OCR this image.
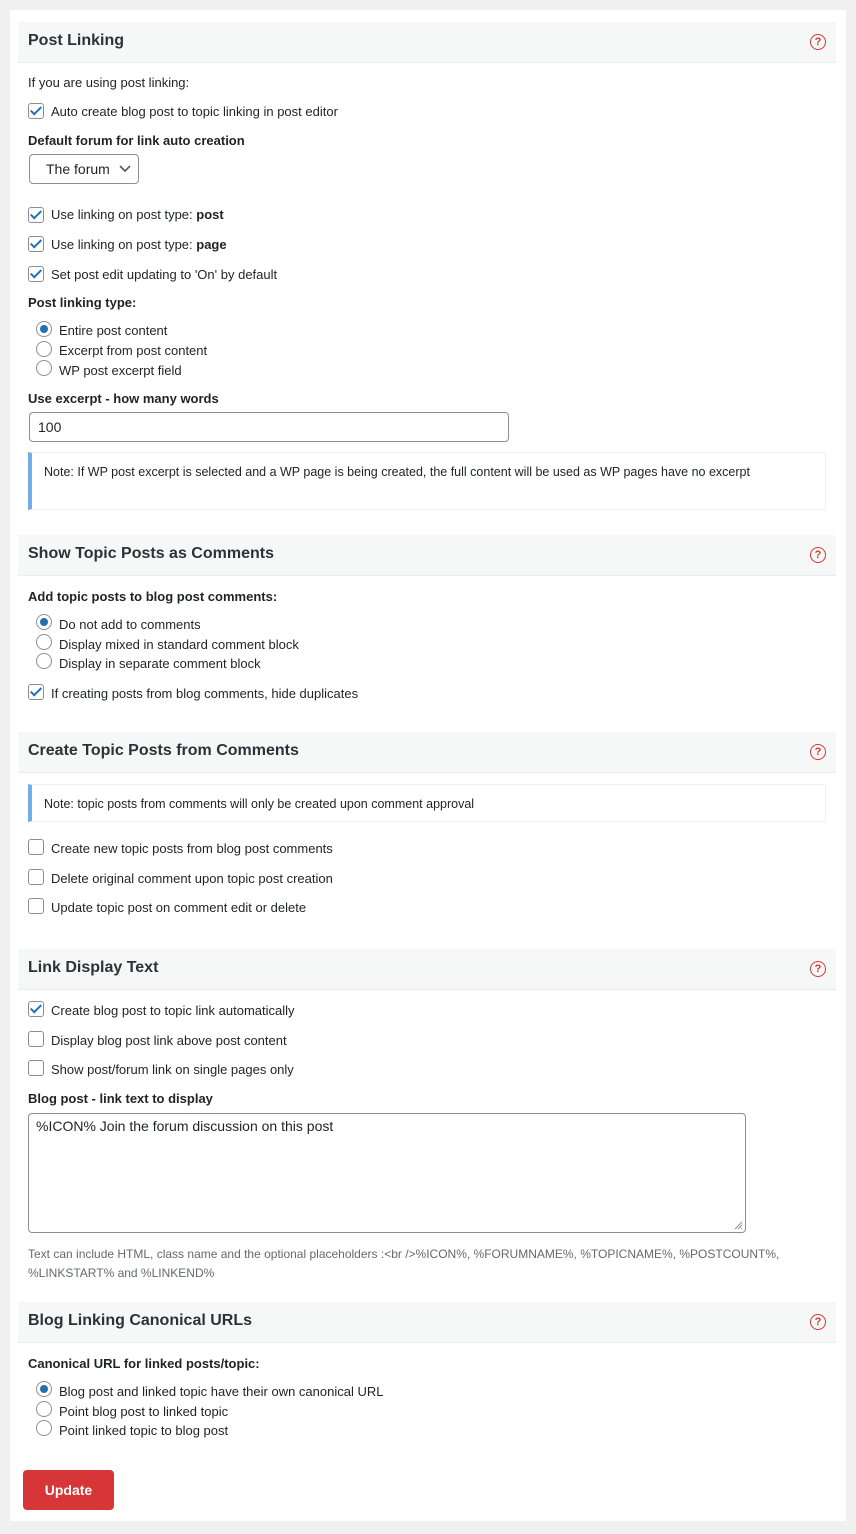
Post Linking	?
If you are using post linking:
Auto create blog post to topic linking in post editor
Default forum for link auto creation
The forum
Use linking on post type: post
Use linking on post type: page
Set post edit updating to 'On' by default
Post linking type:
Entire post content
Excerpt from post content
WP post excerpt field
Use excerpt - how many words
100
Note: If WP post excerpt is selected and a WP page is being created, the full content will be used as WP pages have no excerpt
Show Topic Posts as Comments	?
Add topic posts to blog post comments:
Do not add to comments
Display mixed in standard comment block
Display in separate comment block
If creating posts from blog comments, hide duplicates
Create Topic Posts from Comments	?
Note: topic posts from comments will only be created upon comment approval
Create new topic posts from blog post comments
Delete original comment upon topic post creation
Update topic post on comment edit or delete
Link Display Text	?
Create blog post to topic link automatically
Display blog post link above post content
Show post/forum link on single pages only
Blog post - link text to display
%ICON% Join the forum discussion on this post
Text can include HTML, class name and the optional placeholders :<br />%ICON%, %FORUMNAME%, %TOPICNAME%, %POSTCOUNT%,
%LINKSTART% and %LINKEND%
Blog Linking Canonical URLs	?
Canonical URL for linked posts/topic:
Blog post and linked topic have their own canonical URL
Point blog post to linked topic
Point linked topic to blog post
Update
